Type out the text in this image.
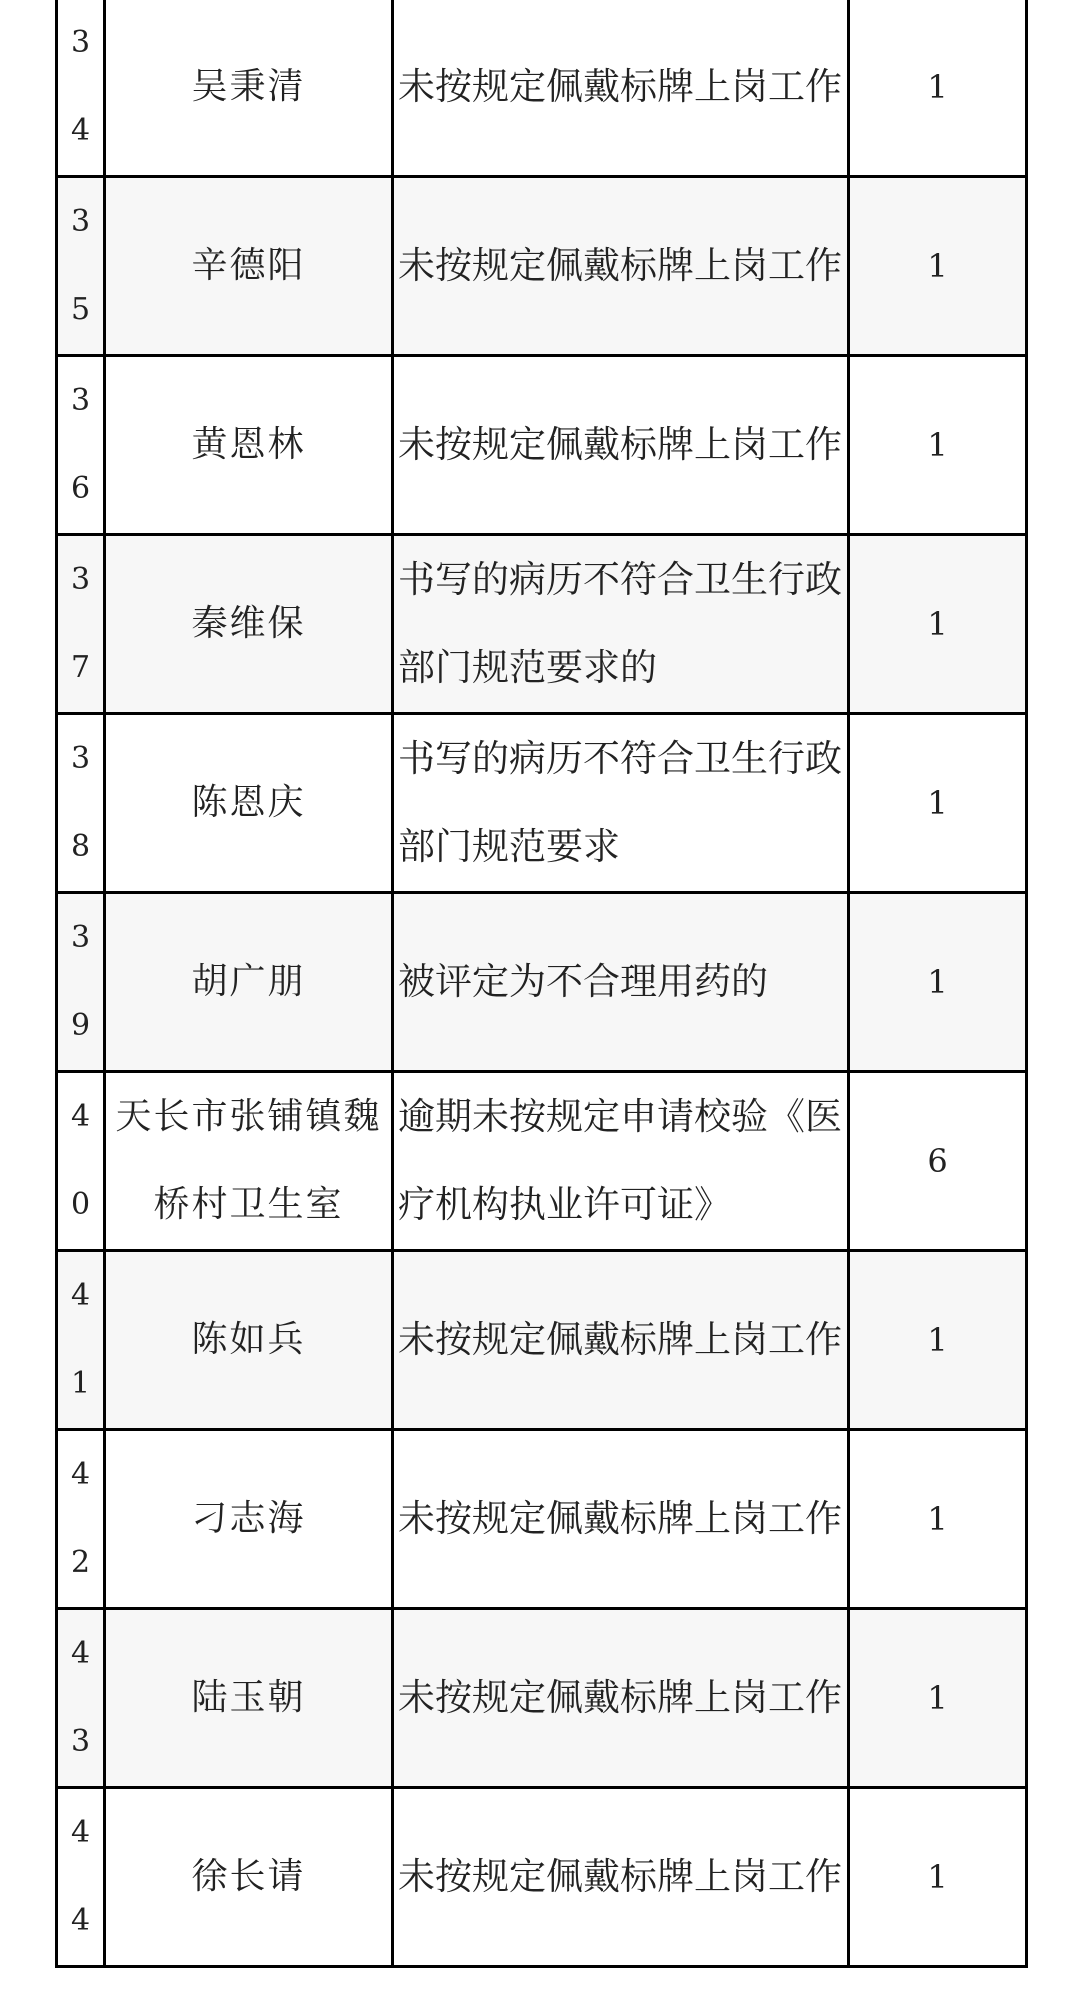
34	吴秉清	未按规定佩戴标牌上岗工作	1
35	辛德阳	未按规定佩戴标牌上岗工作	1
36	黄恩林	未按规定佩戴标牌上岗工作	1
37	秦维保	书写的病历不符合卫生行政部门规范要求的	1
38	陈恩庆	书写的病历不符合卫生行政部门规范要求	1
39	胡广朋	被评定为不合理用药的	1
40	天长市张铺镇魏桥村卫生室	逾期未按规定申请校验《医疗机构执业许可证》	6
41	陈如兵	未按规定佩戴标牌上岗工作	1
42	刁志海	未按规定佩戴标牌上岗工作	1
43	陆玉朝	未按规定佩戴标牌上岗工作	1
44	徐长请	未按规定佩戴标牌上岗工作	1
